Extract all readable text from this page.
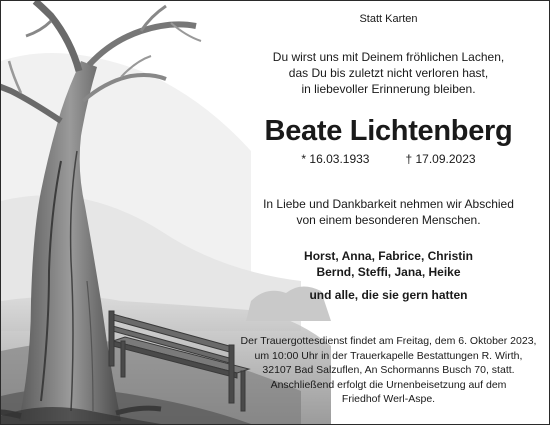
Statt Karten
Du wirst uns mit Deinem fröhlichen Lachen,
das Du bis zuletzt nicht verloren hast,
in liebevoller Erinnerung bleiben.
Beate Lichtenberg
* 16.03.1933	† 17.09.2023
In Liebe und Dankbarkeit nehmen wir Abschied
von einem besonderen Menschen.
Horst, Anna, Fabrice, Christin
Bernd, Steffi, Jana, Heike
und alle, die sie gern hatten
Der Trauergottesdienst findet am Freitag, dem 6. Oktober 2023,
um 10:00 Uhr in der Trauerkapelle Bestattungen R. Wirth,
32107 Bad Salzuflen, An Schormanns Busch 70, statt.
Anschließend erfolgt die Urnenbeisetzung auf dem
Friedhof Werl-Aspe.
